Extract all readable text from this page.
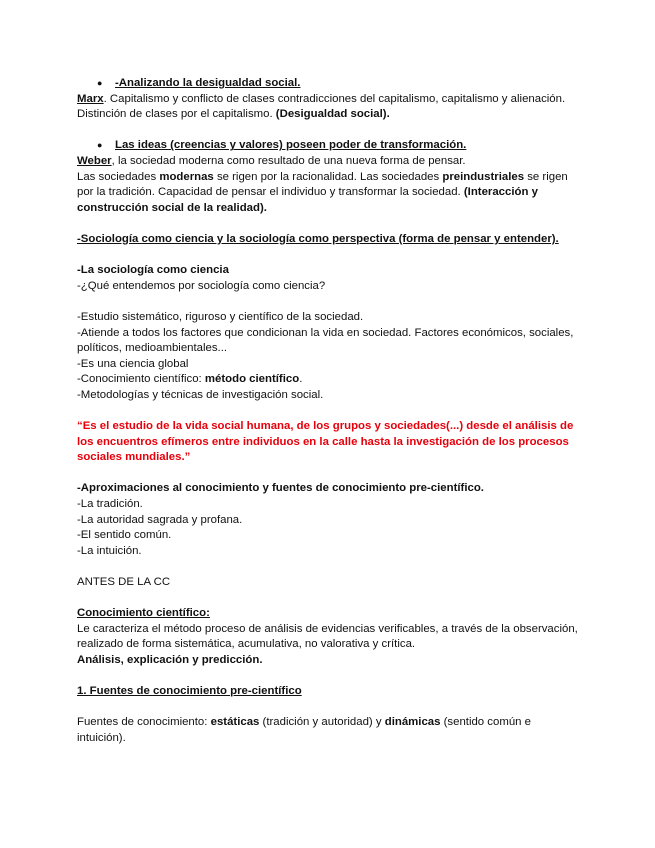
● -Analizando la desigualdad social.

Marx. Capitalismo y conflicto de clases contradicciones del capitalismo, capitalismo y alienación. Distinción de clases por el capitalismo. (Desigualdad social).

● Las ideas (creencias y valores) poseen poder de transformación.

Weber, la sociedad moderna como resultado de una nueva forma de pensar.
Las sociedades modernas se rigen por la racionalidad. Las sociedades preindustriales se rigen por la tradición. Capacidad de pensar el individuo y transformar la sociedad. (Interacción y construcción social de la realidad).

-Sociología como ciencia y la sociología como perspectiva (forma de pensar y entender).

-La sociología como ciencia

-¿Qué entendemos por sociología como ciencia?

-Estudio sistemático, riguroso y científico de la sociedad.

-Atiende a todos los factores que condicionan la vida en sociedad. Factores económicos, sociales, políticos, medioambientales...

-Es una ciencia global

-Conocimiento científico: método científico.

-Metodologías y técnicas de investigación social.

“Es el estudio de la vida social humana, de los grupos y sociedades(...) desde el análisis de los encuentros efímeros entre individuos en la calle hasta la investigación de los procesos sociales mundiales.”

-Aproximaciones al conocimiento y fuentes de conocimiento pre-científico.

-La tradición.

-La autoridad sagrada y profana.

-El sentido común.

-La intuición.

ANTES DE LA CC

Conocimiento científico:

Le caracteriza el método proceso de análisis de evidencias verificables, a través de la observación, realizado de forma sistemática, acumulativa, no valorativa y crítica.

Análisis, explicación y predicción.

1. Fuentes de conocimiento pre-científico

Fuentes de conocimiento: estáticas (tradición y autoridad) y dinámicas (sentido común e intuición).
